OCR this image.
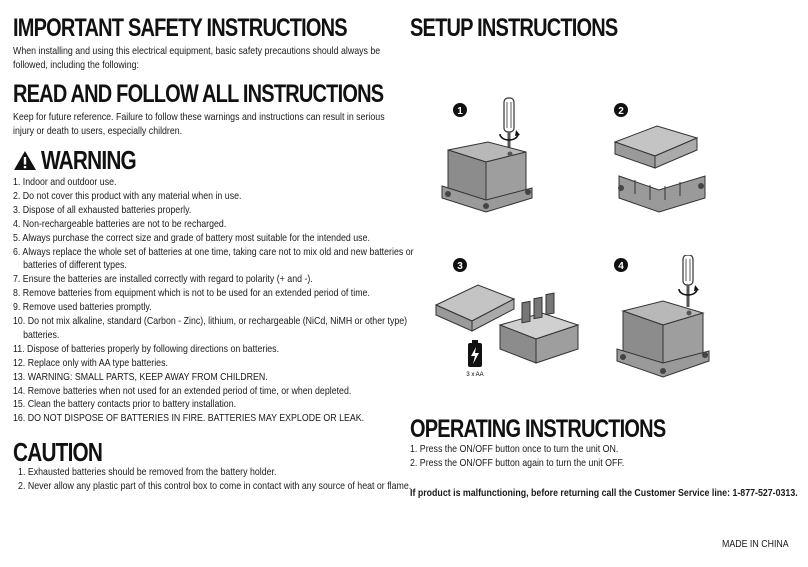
IMPORTANT SAFETY INSTRUCTIONS

When installing and using this electrical equipment, basic safety precautions should always be followed, including the following:

READ AND FOLLOW ALL INSTRUCTIONS

Keep for future reference. Failure to follow these warnings and instructions can result in serious injury or death to users, especially children.

WARNING
1. Indoor and outdoor use.
2. Do not cover this product with any material when in use.
3. Dispose of all exhausted batteries properly.
4. Non-rechargeable batteries are not to be recharged.
5. Always purchase the correct size and grade of battery most suitable for the intended use.
6. Always replace the whole set of batteries at one time, taking care not to mix old and new batteries or
batteries of different types.
7. Ensure the batteries are installed correctly with regard to polarity (+ and -).
8. Remove batteries from equipment which is not to be used for an extended period of time.
9. Remove used batteries promptly.
10. Do not mix alkaline, standard (Carbon - Zinc), lithium, or rechargeable (NiCd, NiMH or other type)
batteries.
11. Dispose of batteries properly by following directions on batteries.
12. Replace only with AA type batteries.
13. WARNING: SMALL PARTS, KEEP AWAY FROM CHILDREN.
14. Remove batteries when not used for an extended period of time, or when depleted.
15. Clean the battery contacts prior to battery installation.
16. DO NOT DISPOSE OF BATTERIES IN FIRE. BATTERIES MAY EXPLODE OR LEAK.
CAUTION
1. Exhausted batteries should be removed from the battery holder.
2. Never allow any plastic part of this control box to come in contact with any source of heat or flame.
SETUP INSTRUCTIONS
1	2
3
3 x AA
4
OPERATING INSTRUCTIONS
1. Press the ON/OFF button once to turn the unit ON.
2. Press the ON/OFF button again to turn the unit OFF.
If product is malfunctioning, before returning call the Customer Service line: 1-877-527-0313.
MADE IN CHINA
